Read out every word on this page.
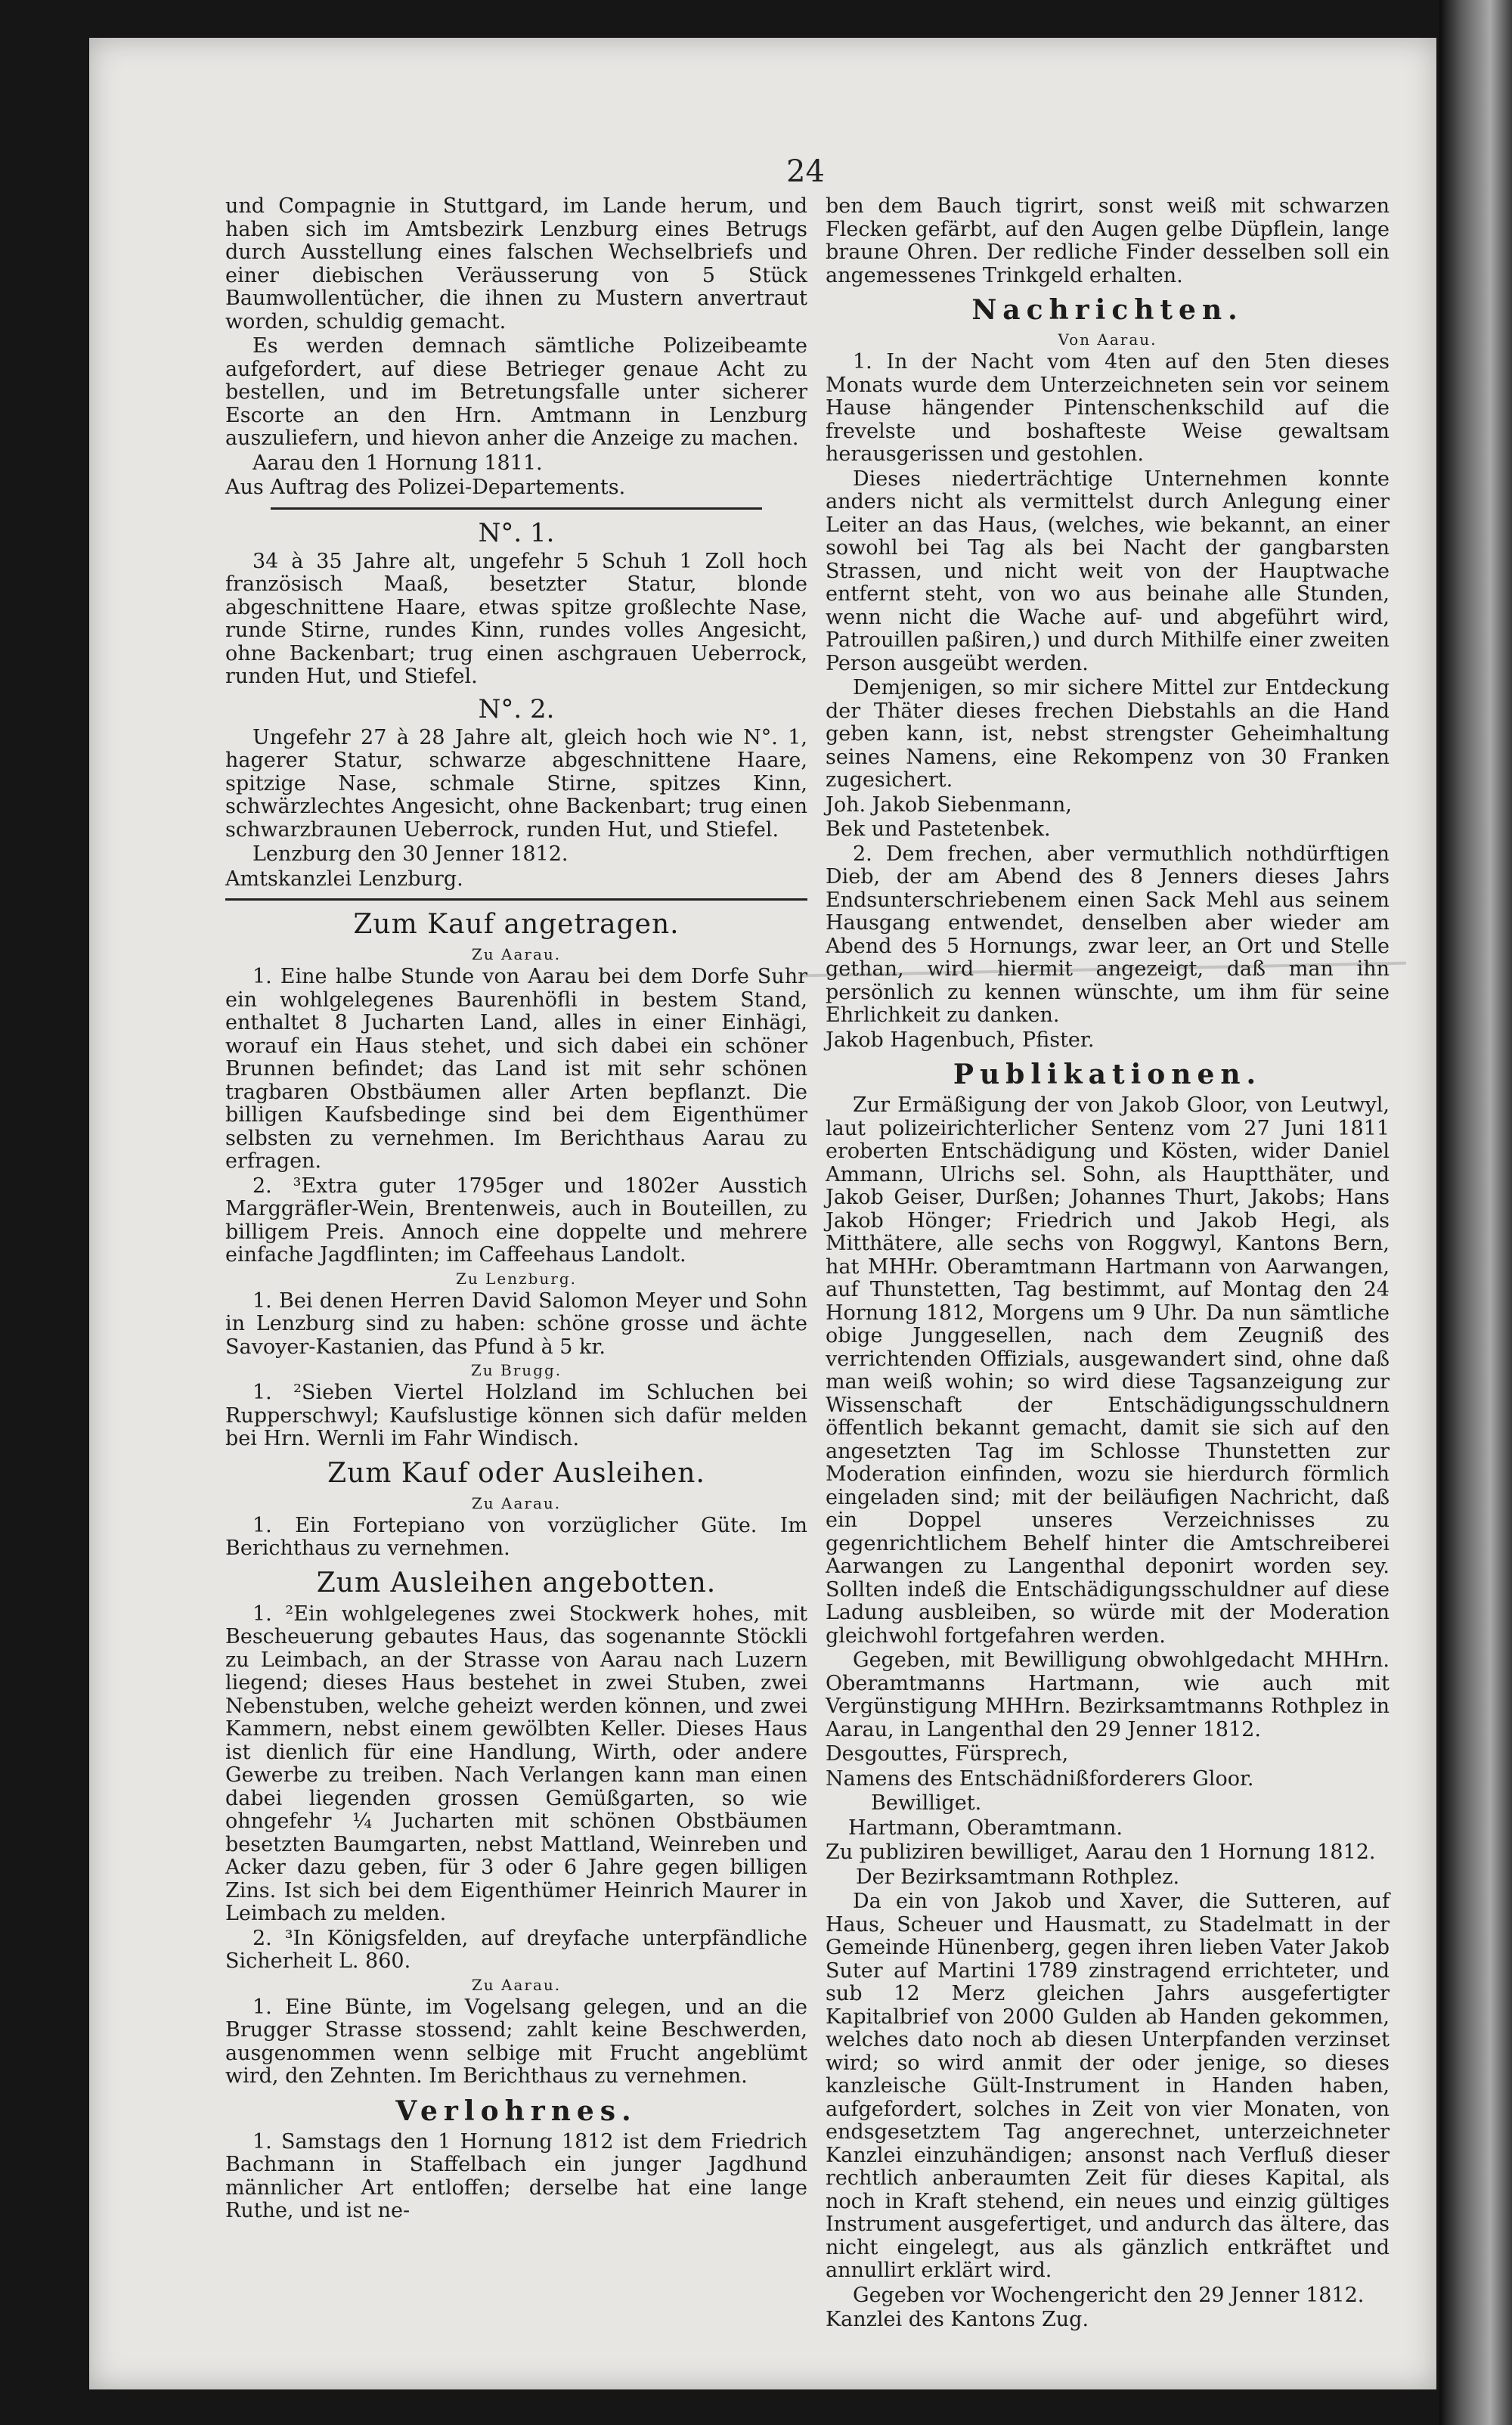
24

und Compagnie in Stuttgard, im Lande herum, und haben sich im Amtsbezirk Lenzburg eines Betrugs durch Ausstellung eines falschen Wechselbriefs und einer diebischen Veräusserung von 5 Stück Baumwollentücher, die ihnen zu Mustern anvertraut worden, schuldig gemacht.

Es werden demnach sämtliche Polizeibeamte aufgefordert, auf diese Betrieger genaue Acht zu bestellen, und im Betretungsfalle unter sicherer Escorte an den Hrn. Amtmann in Lenzburg auszuliefern, und hievon anher die Anzeige zu machen.

Aarau den 1 Hornung 1811.

Aus Auftrag des Polizei-Departements.

N°. 1.

34 à 35 Jahre alt, ungefehr 5 Schuh 1 Zoll hoch französisch Maaß, besetzter Statur, blonde abgeschnittene Haare, etwas spitze großlechte Nase, runde Stirne, rundes Kinn, rundes volles Angesicht, ohne Backenbart; trug einen aschgrauen Ueberrock, runden Hut, und Stiefel.

N°. 2.

Ungefehr 27 à 28 Jahre alt, gleich hoch wie N°. 1, hagerer Statur, schwarze abgeschnittene Haare, spitzige Nase, schmale Stirne, spitzes Kinn, schwärzlechtes Angesicht, ohne Backenbart; trug einen schwarzbraunen Ueberrock, runden Hut, und Stiefel.

Lenzburg den 30 Jenner 1812.

Amtskanzlei Lenzburg.

Zum Kauf angetragen.
Zu Aarau.

1. Eine halbe Stunde von Aarau bei dem Dorfe Suhr ein wohlgelegenes Baurenhöfli in bestem Stand, enthaltet 8 Jucharten Land, alles in einer Einhägi, worauf ein Haus stehet, und sich dabei ein schöner Brunnen befindet; das Land ist mit sehr schönen tragbaren Obstbäumen aller Arten bepflanzt. Die billigen Kaufsbedinge sind bei dem Eigenthümer selbsten zu vernehmen. Im Berichthaus Aarau zu erfragen.

2. ³Extra guter 1795ger und 1802er Ausstich Marggräfler-Wein, Brentenweis, auch in Bouteillen, zu billigem Preis. Annoch eine doppelte und mehrere einfache Jagdflinten; im Caffeehaus Landolt.

Zu Lenzburg.

1. Bei denen Herren David Salomon Meyer und Sohn in Lenzburg sind zu haben: schöne grosse und ächte Savoyer-Kastanien, das Pfund à 5 kr.

Zu Brugg.

1. ²Sieben Viertel Holzland im Schluchen bei Rupperschwyl; Kaufslustige können sich dafür melden bei Hrn. Wernli im Fahr Windisch.

Zum Kauf oder Ausleihen.
Zu Aarau.

1. Ein Fortepiano von vorzüglicher Güte. Im Berichthaus zu vernehmen.

Zum Ausleihen angebotten.

1. ²Ein wohlgelegenes zwei Stockwerk hohes, mit Bescheuerung gebautes Haus, das sogenannte Stöckli zu Leimbach, an der Strasse von Aarau nach Luzern liegend; dieses Haus bestehet in zwei Stuben, zwei Nebenstuben, welche geheizt werden können, und zwei Kammern, nebst einem gewölbten Keller. Dieses Haus ist dienlich für eine Handlung, Wirth, oder andere Gewerbe zu treiben. Nach Verlangen kann man einen dabei liegenden grossen Gemüßgarten, so wie ohngefehr ¼ Jucharten mit schönen Obstbäumen besetzten Baumgarten, nebst Mattland, Weinreben und Acker dazu geben, für 3 oder 6 Jahre gegen billigen Zins. Ist sich bei dem Eigenthümer Heinrich Maurer in Leimbach zu melden.

2. ³In Königsfelden, auf dreyfache unterpfändliche Sicherheit L. 860.

Zu Aarau.

1. Eine Bünte, im Vogelsang gelegen, und an die Brugger Strasse stossend; zahlt keine Beschwerden, ausgenommen wenn selbige mit Frucht angeblümt wird, den Zehnten. Im Berichthaus zu vernehmen.

Verlohrnes.

1. Samstags den 1 Hornung 1812 ist dem Friedrich Bachmann in Staffelbach ein junger Jagdhund männlicher Art entloffen; derselbe hat eine lange Ruthe, und ist ne-

ben dem Bauch tigrirt, sonst weiß mit schwarzen Flecken gefärbt, auf den Augen gelbe Düpflein, lange braune Ohren. Der redliche Finder desselben soll ein angemessenes Trinkgeld erhalten.

Nachrichten.
Von Aarau.

1. In der Nacht vom 4ten auf den 5ten dieses Monats wurde dem Unterzeichneten sein vor seinem Hause hängender Pintenschenkschild auf die frevelste und boshafteste Weise gewaltsam herausgerissen und gestohlen.

Dieses niederträchtige Unternehmen konnte anders nicht als vermittelst durch Anlegung einer Leiter an das Haus, (welches, wie bekannt, an einer sowohl bei Tag als bei Nacht der gangbarsten Strassen, und nicht weit von der Hauptwache entfernt steht, von wo aus beinahe alle Stunden, wenn nicht die Wache auf- und abgeführt wird, Patrouillen paßiren,) und durch Mithilfe einer zweiten Person ausgeübt werden.

Demjenigen, so mir sichere Mittel zur Entdeckung der Thäter dieses frechen Diebstahls an die Hand geben kann, ist, nebst strengster Geheimhaltung seines Namens, eine Rekompenz von 30 Franken zugesichert.

Joh. Jakob Siebenmann,

Bek und Pastetenbek.

2. Dem frechen, aber vermuthlich nothdürftigen Dieb, der am Abend des 8 Jenners dieses Jahrs Endsunterschriebenem einen Sack Mehl aus seinem Hausgang entwendet, denselben aber wieder am Abend des 5 Hornungs, zwar leer, an Ort und Stelle gethan, wird hiermit angezeigt, daß man ihn persönlich zu kennen wünschte, um ihm für seine Ehrlichkeit zu danken.

Jakob Hagenbuch, Pfister.

Publikationen.

Zur Ermäßigung der von Jakob Gloor, von Leutwyl, laut polizeirichterlicher Sentenz vom 27 Juni 1811 eroberten Entschädigung und Kösten, wider Daniel Ammann, Ulrichs sel. Sohn, als Hauptthäter, und Jakob Geiser, Durßen; Johannes Thurt, Jakobs; Hans Jakob Hönger; Friedrich und Jakob Hegi, als Mitthätere, alle sechs von Roggwyl, Kantons Bern, hat MHHr. Oberamtmann Hartmann von Aarwangen, auf Thunstetten, Tag bestimmt, auf Montag den 24 Hornung 1812, Morgens um 9 Uhr. Da nun sämtliche obige Junggesellen, nach dem Zeugniß des verrichtenden Offizials, ausgewandert sind, ohne daß man weiß wohin; so wird diese Tagsanzeigung zur Wissenschaft der Entschädigungsschuldnern öffentlich bekannt gemacht, damit sie sich auf den angesetzten Tag im Schlosse Thunstetten zur Moderation einfinden, wozu sie hierdurch förmlich eingeladen sind; mit der beiläufigen Nachricht, daß ein Doppel unseres Verzeichnisses zu gegenrichtlichem Behelf hinter die Amtschreiberei Aarwangen zu Langenthal deponirt worden sey. Sollten indeß die Entschädigungsschuldner auf diese Ladung ausbleiben, so würde mit der Moderation gleichwohl fortgefahren werden.

Gegeben, mit Bewilligung obwohlgedacht MHHrn. Oberamtmanns Hartmann, wie auch mit Vergünstigung MHHrn. Bezirksamtmanns Rothplez in Aarau, in Langenthal den 29 Jenner 1812.

Desgouttes, Fürsprech,

Namens des Entschädnißforderers Gloor.

Bewilliget.

Hartmann, Oberamtmann.

Zu publiziren bewilliget, Aarau den 1 Hornung 1812.

Der Bezirksamtmann Rothplez.

Da ein von Jakob und Xaver, die Sutteren, auf Haus, Scheuer und Hausmatt, zu Stadelmatt in der Gemeinde Hünenberg, gegen ihren lieben Vater Jakob Suter auf Martini 1789 zinstragend errichteter, und sub 12 Merz gleichen Jahrs ausgefertigter Kapitalbrief von 2000 Gulden ab Handen gekommen, welches dato noch ab diesen Unterpfanden verzinset wird; so wird anmit der oder jenige, so dieses kanzleische Gült-Instrument in Handen haben, aufgefordert, solches in Zeit von vier Monaten, von endsgesetztem Tag angerechnet, unterzeichneter Kanzlei einzuhändigen; ansonst nach Verfluß dieser rechtlich anberaumten Zeit für dieses Kapital, als noch in Kraft stehend, ein neues und einzig gültiges Instrument ausgefertiget, und andurch das ältere, das nicht eingelegt, aus als gänzlich entkräftet und annullirt erklärt wird.

Gegeben vor Wochengericht den 29 Jenner 1812.

Kanzlei des Kantons Zug.
